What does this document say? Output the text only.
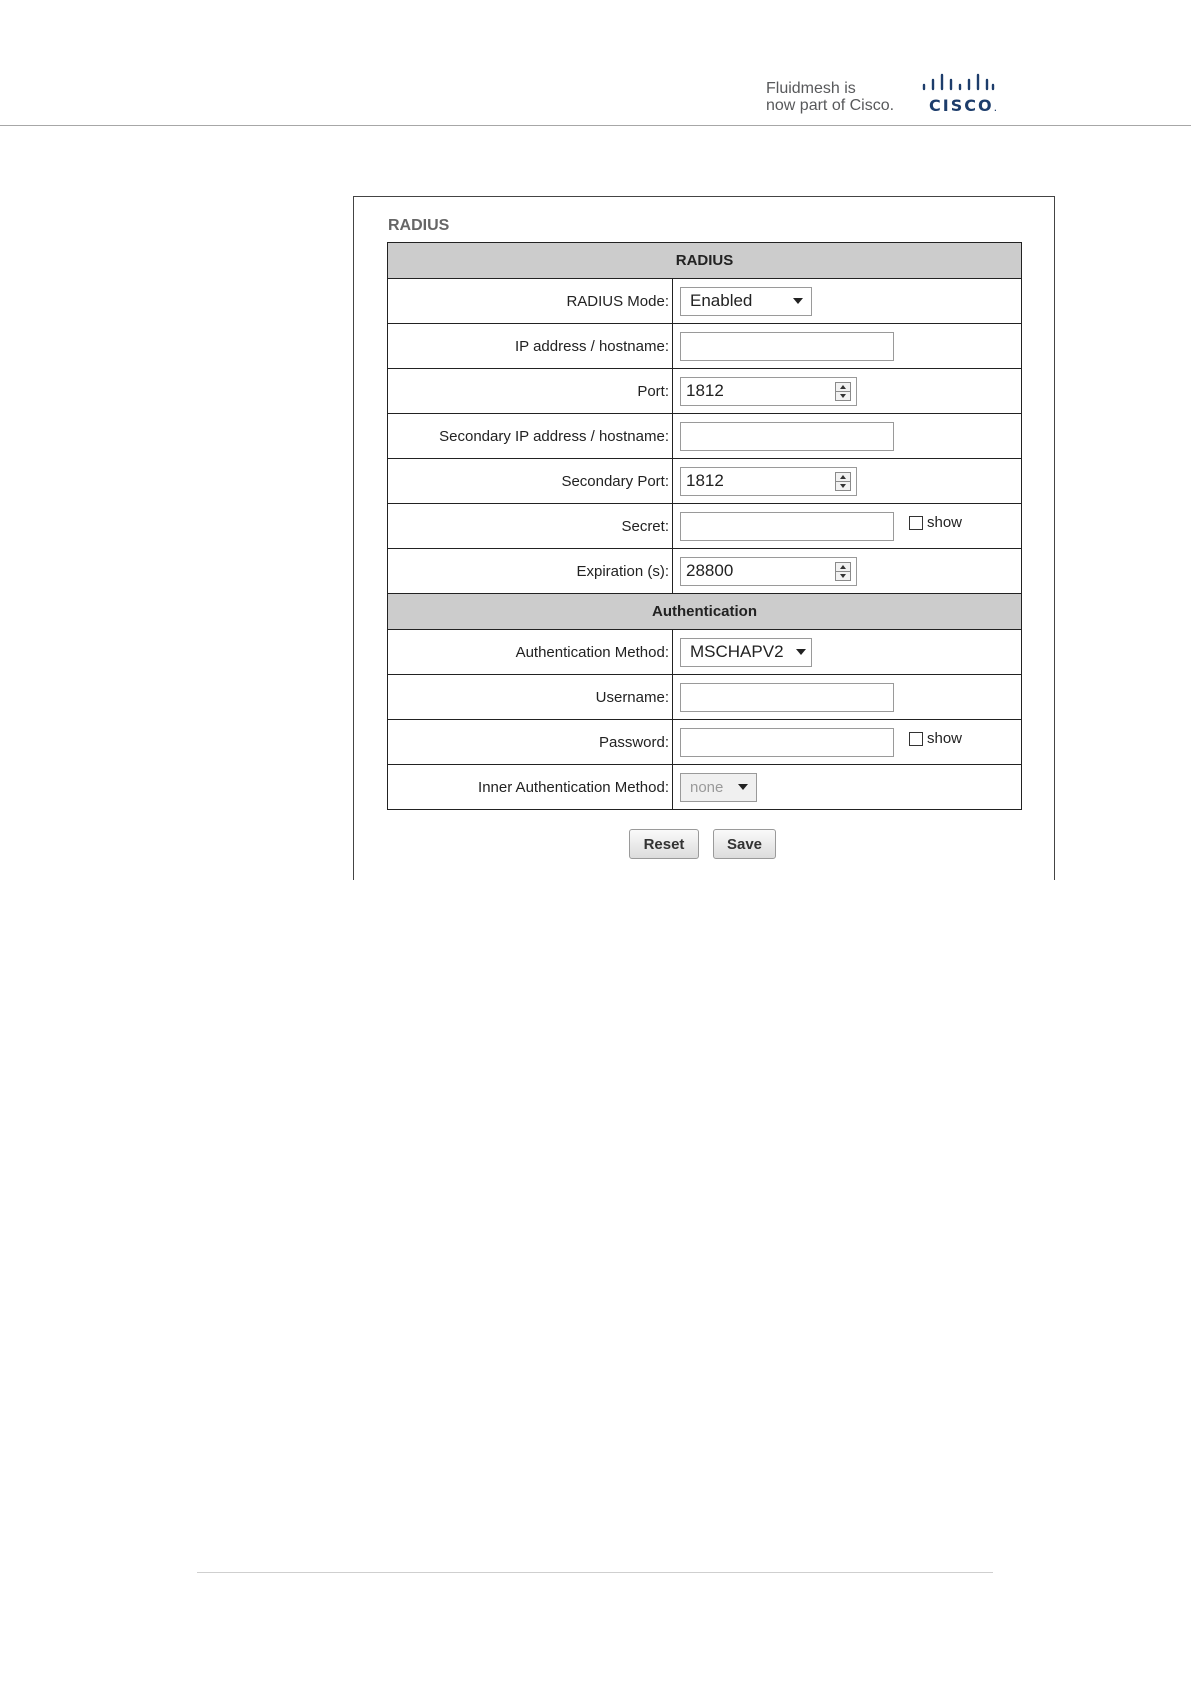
Fluidmesh is
now part of Cisco. CISCO.
RADIUS
RADIUS	
RADIUS Mode:	Enabled

IP address / hostname:	
Port:	1812

Secondary IP address / hostname:	
Secondary Port:	1812

Secret:	show

Expiration (s):	28800

Authentication	
Authentication Method:	MSCHAPV2

Username:	
Password:	show

Inner Authentication Method:	none
Reset	Save
